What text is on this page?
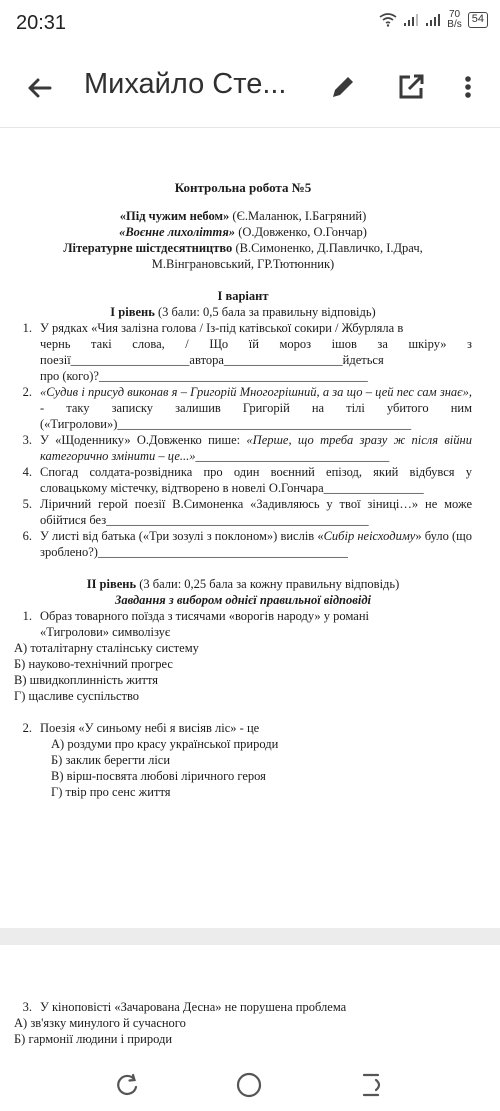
20:31	70
B/s 54
Михайло Сте...
Контрольна робота №5
«Під чужим небом» (Є.Маланюк, І.Багряний)
«Воєнне лихоліття» (О.Довженко, О.Гончар)
Літературне шістдесятництво (В.Симоненко, Д.Павличко, І.Драч,
М.Вінграновський, ГР.Тютюнник)
І варіант
І рівень (3 бали: 0,5 бала за правильну відповідь)
1. У рядках «Чия залізна голова / Із-під катівської сокири / Жбурляла в
чернь такі слова, / Що їй мороз ішов за шкіру» з
поезії___________________автора___________________йдеться
про (кого)?___________________________________________
2. «Судив і присуд виконав я – Григорій Многогрішний, а за що – цей пес сам знає», - таку записку залишив Григорій на тілі убитого ним («Тигролови»)_______________________________________________
3. У «Щоденнику» О.Довженко пише: «Перше, що треба зразу ж після війни категорично змінити – це...»_______________________________
4. Спогад солдата-розвідника про один воєнний епізод, який відбувся у словацькому містечку, відтворено в новелі О.Гончара________________
5. Ліричний герой поезії В.Симоненка «Задивляюсь у твої зіниці…» не може обійтися без__________________________________________
6. У листі від батька («Три зозулі з поклоном») вислів «Сибір неісходиму» було (що зроблено?)________________________________________
ІІ рівень (3 бали: 0,25 бала за кожну правильну відповідь)
Завдання з вибором однієї правильної відповіді
1. Образ товарного поїзда з тисячами «ворогів народу» у романі
«Тигролови» символізує
А) тоталітарну сталінську систему
Б) науково-технічний прогрес
В) швидкоплинність життя
Г) щасливе суспільство
2. Поезія «У синьому небі я висіяв ліс» - це
А) роздуми про красу української природи
Б) заклик берегти ліси
В) вірш-посвята любові ліричного героя
Г) твір про сенс життя
3. У кіноповісті «Зачарована Десна» не порушена проблема
А) зв'язку минулого й сучасного
Б) гармонії людини і природи
